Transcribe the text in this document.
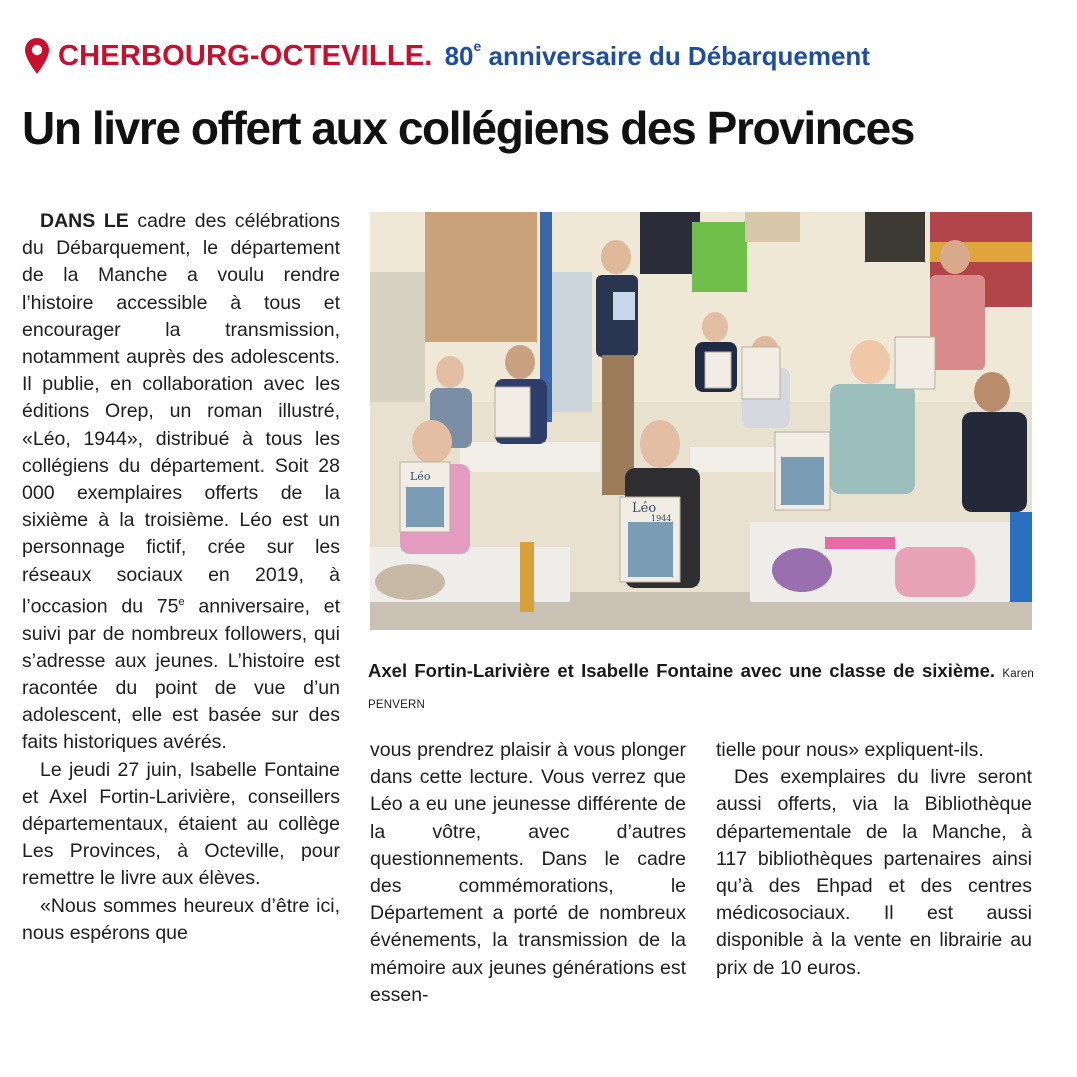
CHERBOURG-OCTEVILLE. 80e anniversaire du Débarquement
Un livre offert aux collégiens des Provinces

DANS LE cadre des célébrations du Débarquement, le département de la Manche a voulu rendre l’histoire accessible à tous et encourager la transmission, notamment auprès des adolescents. Il publie, en collaboration avec les éditions Orep, un roman illustré, «Léo, 1944», distribué à tous les collégiens du département. Soit 28 000 exemplaires offerts de la sixième à la troisième. Léo est un personnage fictif, crée sur les réseaux sociaux en 2019, à l’occasion du 75e anniversaire, et suivi par de nombreux followers, qui s’adresse aux jeunes. L’histoire est racontée du point de vue d’un adolescent, elle est basée sur des faits historiques avérés.

Le jeudi 27 juin, Isabelle Fontaine et Axel Fortin-Larivière, conseillers départementaux, étaient au collège Les Provinces, à Octeville, pour remettre le livre aux élèves.

«Nous sommes heureux d’être ici, nous espérons que

Léo
Léo
1944

Axel Fortin-Larivière et Isabelle Fontaine avec une classe de sixième. Karen PENVERN

vous prendrez plaisir à vous plonger dans cette lecture. Vous verrez que Léo a eu une jeunesse différente de la vôtre, avec d’autres questionnements. Dans le cadre des commémorations, le Département a porté de nombreux événements, la transmission de la mémoire aux jeunes générations est essen-

tielle pour nous» expliquent-ils.

Des exemplaires du livre seront aussi offerts, via la Bibliothèque départementale de la Manche, à 117 bibliothèques partenaires ainsi qu’à des Ehpad et des centres médicosociaux. Il est aussi disponible à la vente en librairie au prix de 10 euros.
